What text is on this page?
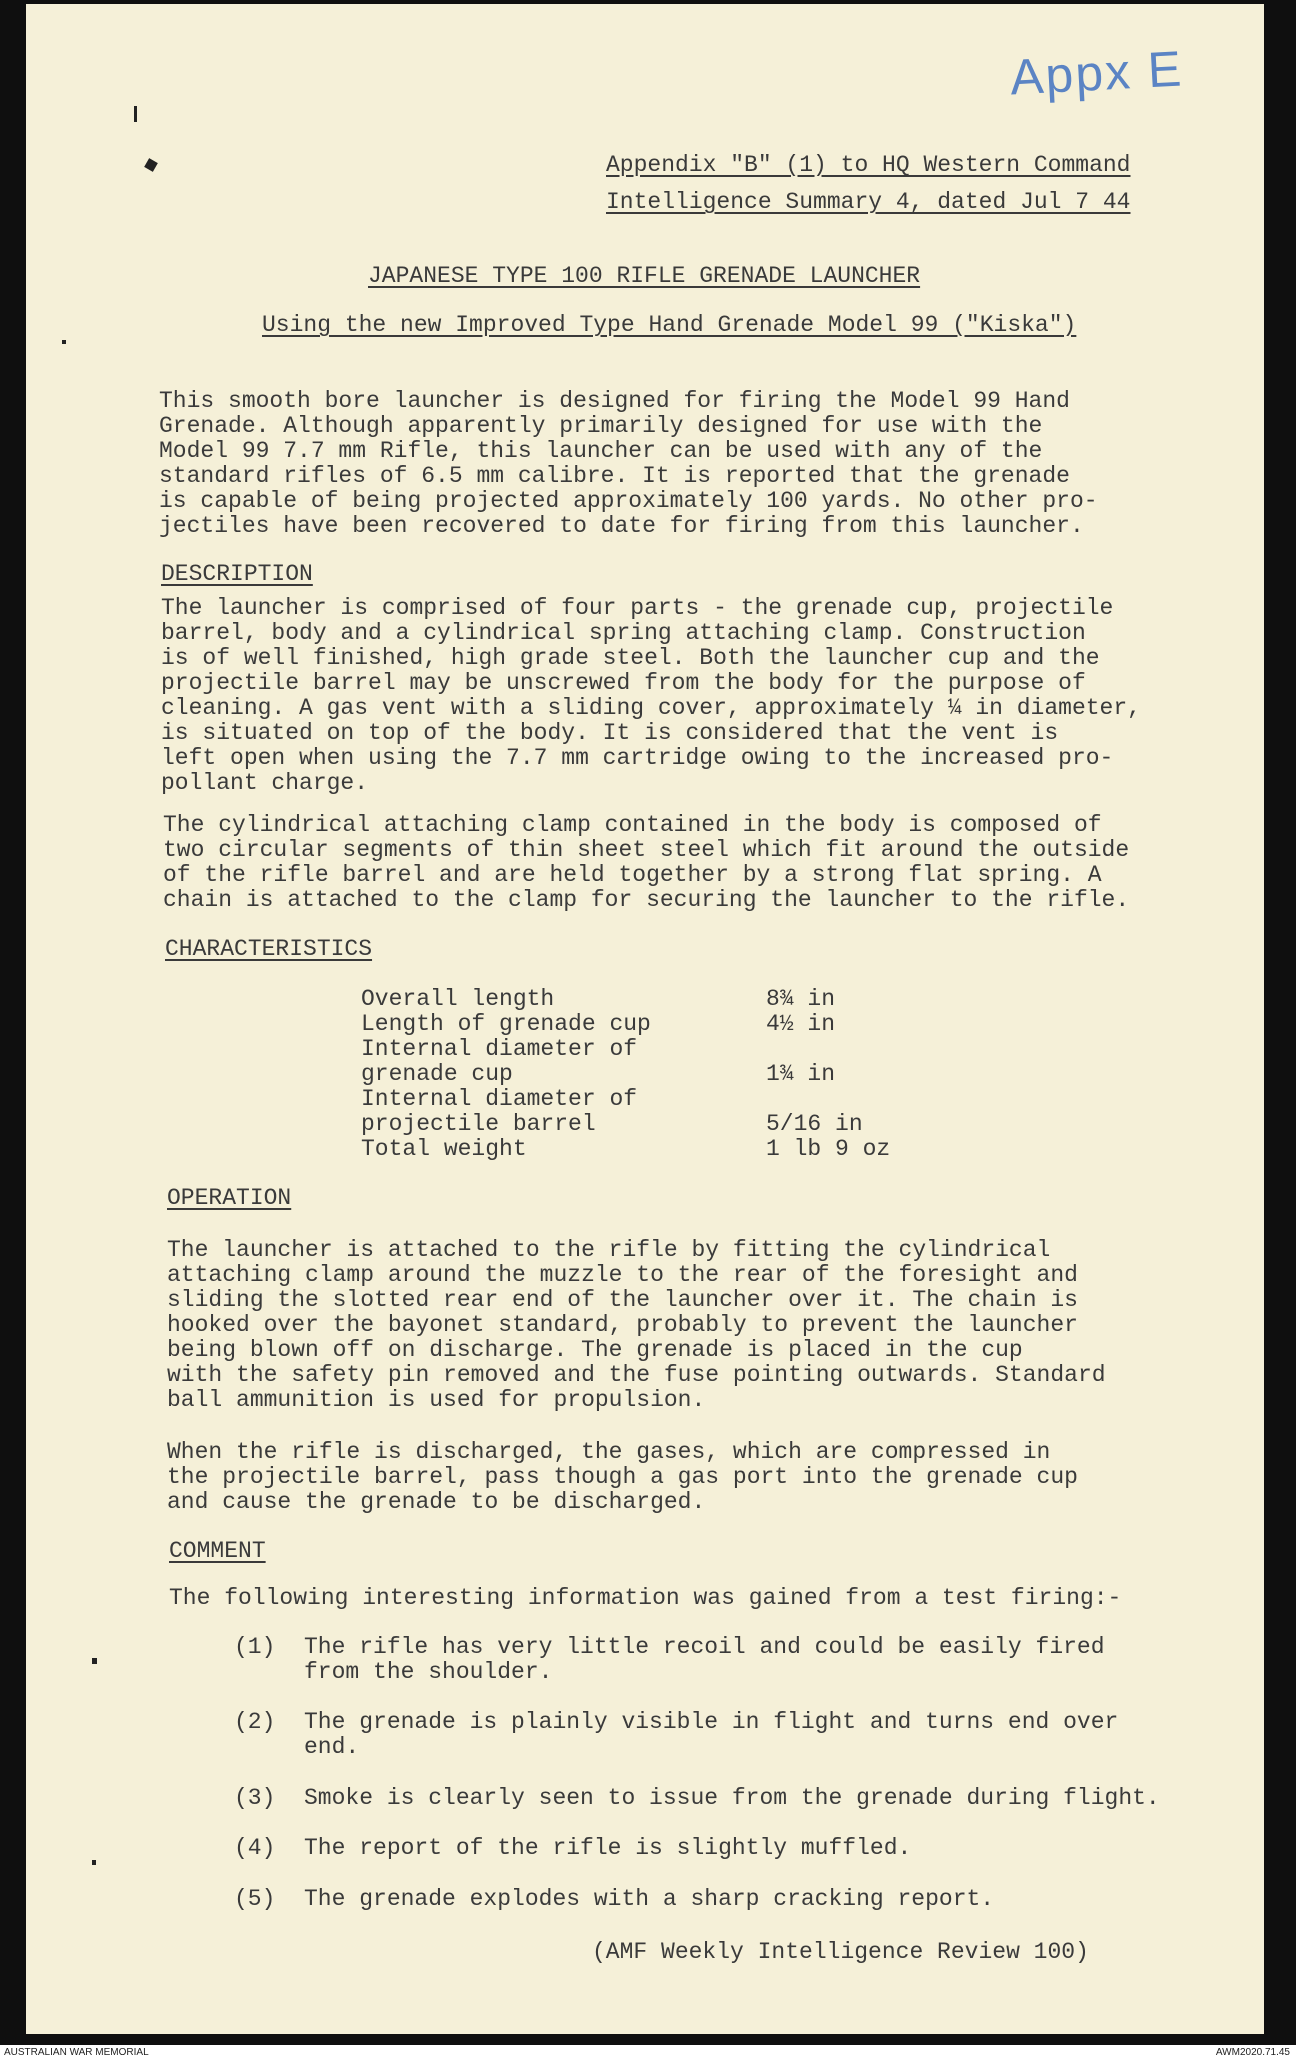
Appx E
Appendix "B" (1) to HQ Western Command
Intelligence Summary 4, dated Jul 7 44
JAPANESE TYPE 100 RIFLE GRENADE LAUNCHER
Using the new Improved Type Hand Grenade Model 99 ("Kiska")
This smooth bore launcher is designed for firing the Model 99 Hand
Grenade. Although apparently primarily designed for use with the
Model 99 7.7 mm Rifle, this launcher can be used with any of the
standard rifles of 6.5 mm calibre. It is reported that the grenade
is capable of being projected approximately 100 yards. No other pro-
jectiles have been recovered to date for firing from this launcher.
DESCRIPTION
The launcher is comprised of four parts - the grenade cup, projectile
barrel, body and a cylindrical spring attaching clamp. Construction
is of well finished, high grade steel. Both the launcher cup and the
projectile barrel may be unscrewed from the body for the purpose of
cleaning. A gas vent with a sliding cover, approximately ¼ in diameter,
is situated on top of the body. It is considered that the vent is
left open when using the 7.7 mm cartridge owing to the increased pro-
pollant charge.
The cylindrical attaching clamp contained in the body is composed of
two circular segments of thin sheet steel which fit around the outside
of the rifle barrel and are held together by a strong flat spring. A
chain is attached to the clamp for securing the launcher to the rifle.
CHARACTERISTICS
Overall length	8¾ in
Length of grenade cup	4½ in
Internal diameter of
grenade cup	1¾ in
Internal diameter of
projectile barrel	5/16 in
Total weight	1 lb 9 oz
OPERATION
The launcher is attached to the rifle by fitting the cylindrical
attaching clamp around the muzzle to the rear of the foresight and
sliding the slotted rear end of the launcher over it. The chain is
hooked over the bayonet standard, probably to prevent the launcher
being blown off on discharge. The grenade is placed in the cup
with the safety pin removed and the fuse pointing outwards. Standard
ball ammunition is used for propulsion.
When the rifle is discharged, the gases, which are compressed in
the projectile barrel, pass though a gas port into the grenade cup
and cause the grenade to be discharged.
COMMENT
The following interesting information was gained from a test firing:-
(1) The rifle has very little recoil and could be easily fired
from the shoulder.
(2) The grenade is plainly visible in flight and turns end over
end.
(3) Smoke is clearly seen to issue from the grenade during flight.
(4) The report of the rifle is slightly muffled.
(5) The grenade explodes with a sharp cracking report.
(AMF Weekly Intelligence Review 100)
AUSTRALIAN WAR MEMORIAL	AWM2020.71.45
